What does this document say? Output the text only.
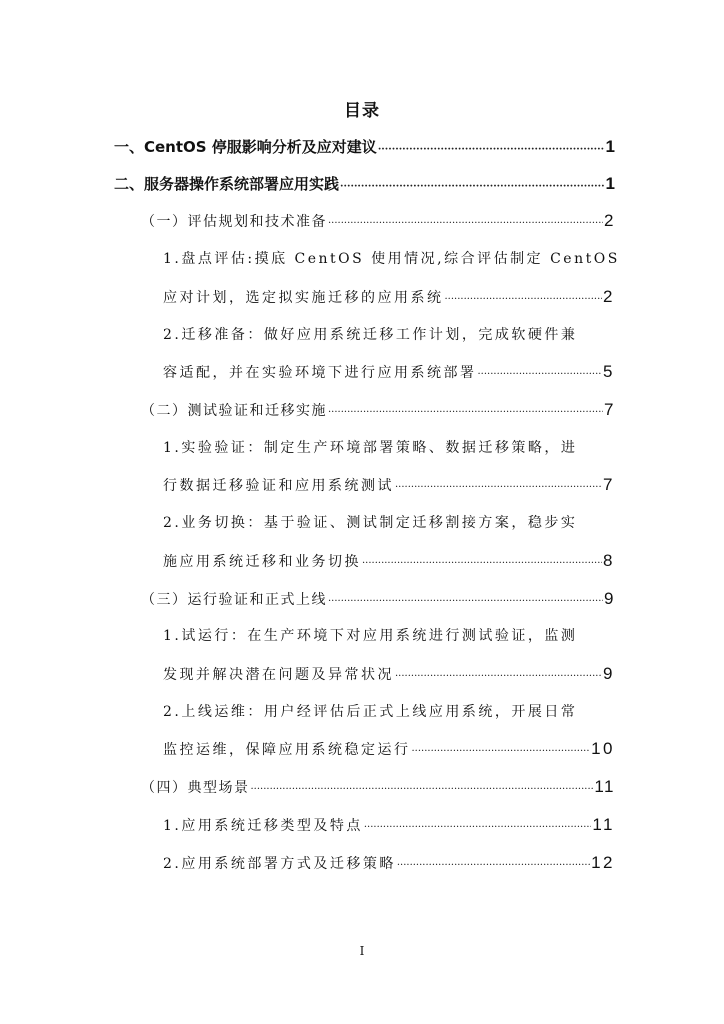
目录
一、CentOS 停服影响分析及应对建议 ·····	1
二、服务器操作系统部署应用实践 ·····	1
（一）评估规划和技术准备 ·····	2
1.盘点评估:摸底 CentOS 使用情况,综合评估制定 CentOS
应对计划，选定拟实施迁移的应用系统 ·····	2
2.迁移准备：做好应用系统迁移工作计划，完成软硬件兼
容适配，并在实验环境下进行应用系统部署 ·····	5
（二）测试验证和迁移实施 ·····	7
1.实验验证：制定生产环境部署策略、数据迁移策略，进
行数据迁移验证和应用系统测试 ·····	7
2.业务切换：基于验证、测试制定迁移割接方案，稳步实
施应用系统迁移和业务切换 ·····	8
（三）运行验证和正式上线 ·····	9
1.试运行：在生产环境下对应用系统进行测试验证，监测
发现并解决潜在问题及异常状况 ·····	9
2.上线运维：用户经评估后正式上线应用系统，开展日常
监控运维，保障应用系统稳定运行 ·····	10
（四）典型场景 ·····	11
1.应用系统迁移类型及特点 ·····	11
2.应用系统部署方式及迁移策略 ·····	12
I
